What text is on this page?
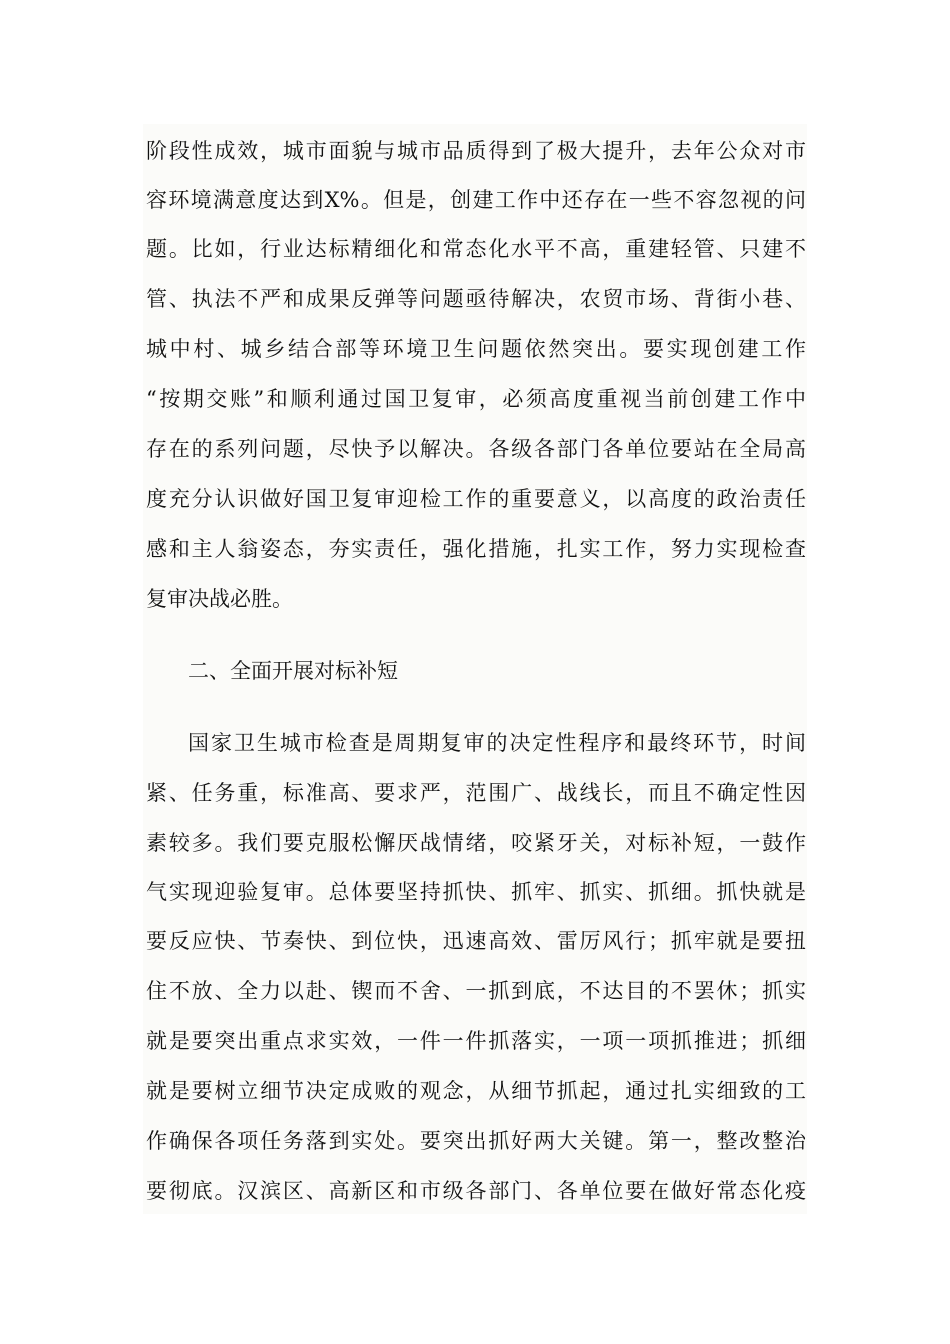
阶段性成效，城市面貌与城市品质得到了极大提升，去年公众对市
容环境满意度达到X%。但是，创建工作中还存在一些不容忽视的问
题。比如，行业达标精细化和常态化水平不高，重建轻管、只建不
管、执法不严和成果反弹等问题亟待解决，农贸市场、背街小巷、
城中村、城乡结合部等环境卫生问题依然突出。要实现创建工作
“按期交账”和顺利通过国卫复审，必须高度重视当前创建工作中
存在的系列问题，尽快予以解决。各级各部门各单位要站在全局高
度充分认识做好国卫复审迎检工作的重要意义，以高度的政治责任
感和主人翁姿态，夯实责任，强化措施，扎实工作，努力实现检查
复审决战必胜。
二、全面开展对标补短
国家卫生城市检查是周期复审的决定性程序和最终环节，时间
紧、任务重，标准高、要求严，范围广、战线长，而且不确定性因
素较多。我们要克服松懈厌战情绪，咬紧牙关，对标补短，一鼓作
气实现迎验复审。总体要坚持抓快、抓牢、抓实、抓细。抓快就是
要反应快、节奏快、到位快，迅速高效、雷厉风行；抓牢就是要扭
住不放、全力以赴、锲而不舍、一抓到底，不达目的不罢休；抓实
就是要突出重点求实效，一件一件抓落实，一项一项抓推进；抓细
就是要树立细节决定成败的观念，从细节抓起，通过扎实细致的工
作确保各项任务落到实处。要突出抓好两大关键。第一，整改整治
要彻底。汉滨区、高新区和市级各部门、各单位要在做好常态化疫
